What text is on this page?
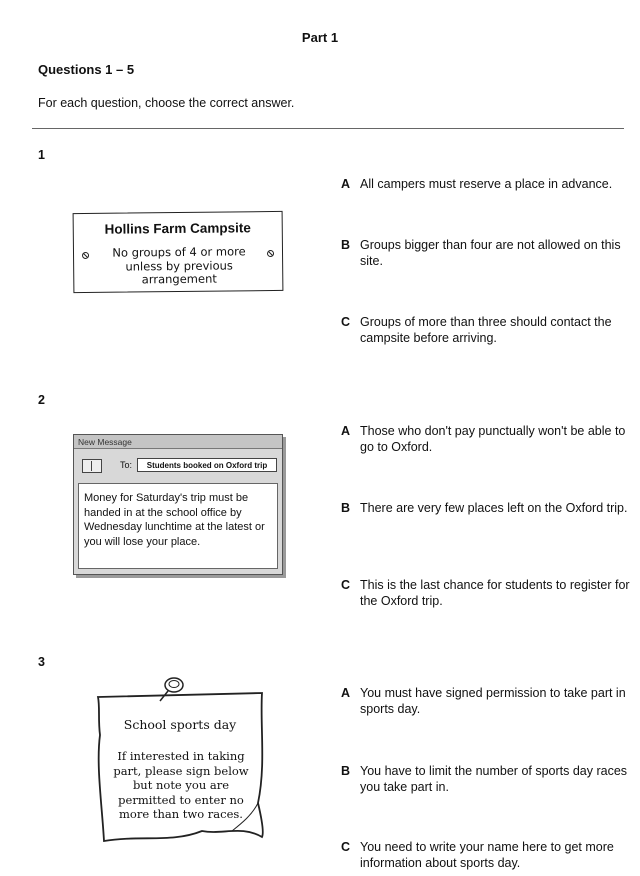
Part 1
Questions 1 – 5
For each question, choose the correct answer.
1
Hollins Farm Campsite
No groups of 4 or more unless by previous arrangement
A All campers must reserve a place in advance.
B Groups bigger than four are not allowed on this site.
C Groups of more than three should contact the campsite before arriving.
2
New Message
To:	Students booked on Oxford trip
Money for Saturday's trip must be handed in at the school office by Wednesday lunchtime at the latest or you will lose your place.
A Those who don't pay punctually won't be able to go to Oxford.
B There are very few places left on the Oxford trip.
C This is the last chance for students to register for the Oxford trip.
3
School sports day
If interested in taking part, please sign below but note you are permitted to enter no more than two races.
A You must have signed permission to take part in sports day.
B You have to limit the number of sports day races you take part in.
C You need to write your name here to get more information about sports day.
